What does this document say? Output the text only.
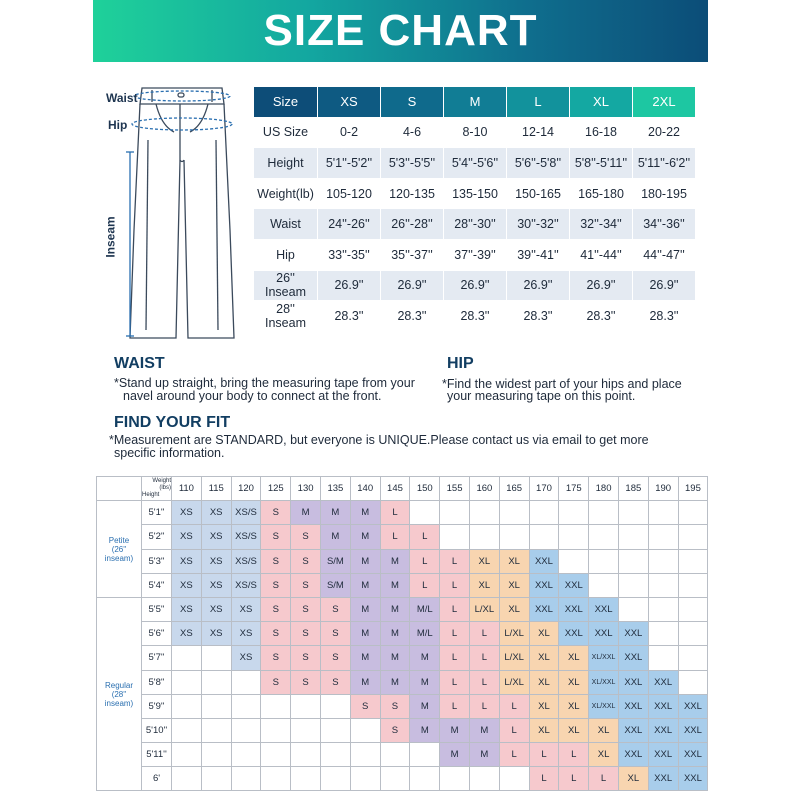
SIZE CHART
Waist
Hip
Inseam
Size	XS	S	M	L	XL	2XL
US Size	0-2	4-6	8-10	12-14	16-18	20-22
Height	5'1''-5'2''	5'3''-5'5''	5'4''-5'6''	5'6''-5'8''	5'8''-5'11''	5'11''-6'2''
Weight(lb)	105-120	120-135	135-150	150-165	165-180	180-195
Waist	24''-26''	26''-28''	28''-30''	30''-32''	32''-34''	34''-36''
Hip	33''-35''	35''-37''	37''-39''	39''-41''	41''-44''	44''-47''
26'' Inseam	26.9''	26.9''	26.9''	26.9''	26.9''	26.9''
28'' Inseam	28.3''	28.3''	28.3''	28.3''	28.3''	28.3''
WAIST
*Stand up straight, bring the measuring tape from your
navel around your body to connect at the front.
HIP
*Find the widest part of your hips and place
your measuring tape on this point.
FIND YOUR FIT
*Measurement are STANDARD, but everyone is UNIQUE.Please contact us via email to get more
specific information.

	Weight (lbs)
Height	110	115	120	125	130	135	140	145	150	155	160	165	170	175	180	185	190	195

Petite
(26'' inseam)	5'1''	XS	XS	XS/S	S	M	M	M	L										
	5'2''	XS	XS	XS/S	S	S	M	M	L	L									
	5'3''	XS	XS	XS/S	S	S	S/M	M	M	L	L	XL	XL	XXL					
	5'4''	XS	XS	XS/S	S	S	S/M	M	M	L	L	XL	XL	XXL	XXL				

Regular
(28'' inseam)	5'5''	XS	XS	XS	S	S	S	M	M	M/L	L	L/XL	XL	XXL	XXL	XXL			
	5'6''	XS	XS	XS	S	S	S	M	M	M/L	L	L	L/XL	XL	XXL	XXL	XXL		
	5'7''			XS	S	S	S	M	M	M	L	L	L/XL	XL	XL	XL/XXL	XXL		
	5'8''				S	S	S	M	M	M	L	L	L/XL	XL	XL	XL/XXL	XXL	XXL	
	5'9''							S	S	M	L	L	L	XL	XL	XL/XXL	XXL	XXL	XXL
	5'10''								S	M	M	M	L	XL	XL	XL	XXL	XXL	XXL
	5'11''										M	M	L	L	L	XL	XXL	XXL	XXL
	6'													L	L	L	XL	XXL	XXL
